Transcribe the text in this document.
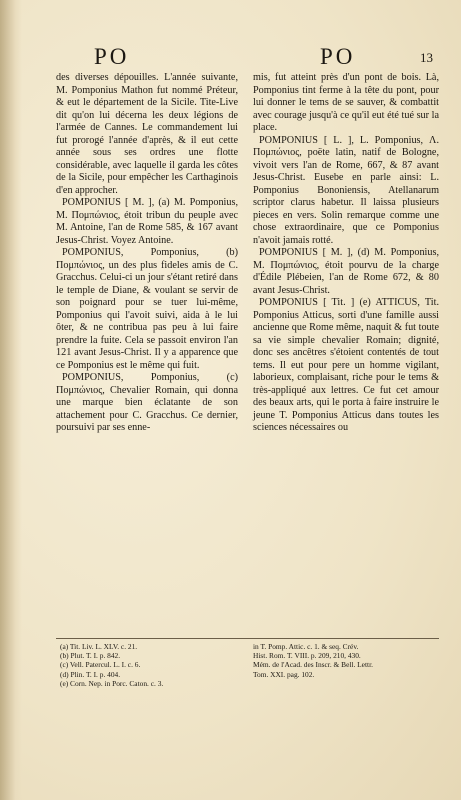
PO	PO	13

des diverses dépouilles. L'année suivante, M. Pomponius Mathon fut nommé Préteur, & eut le département de la Sicile. Tite-Live dit qu'on lui décerna les deux légions de l'armée de Cannes. Le commandement lui fut prorogé l'année d'après, & il eut cette année sous ses ordres une flotte considérable, avec laquelle il garda les côtes de la Sicile, pour empêcher les Carthaginois d'en approcher.

POMPONIUS [ M. ], (a) M. Pomponius, M. Πομπώνιος, étoit tribun du peuple avec M. Antoine, l'an de Rome 585, & 167 avant Jesus-Christ. Voyez Antoine.

POMPONIUS, Pomponius, (b) Πομπώνιος, un des plus fideles amis de C. Gracchus. Celui-ci un jour s'étant retiré dans le temple de Diane, & voulant se servir de son poignard pour se tuer lui-même, Pomponius qui l'avoit suivi, aida à le lui ôter, & ne contribua pas peu à lui faire prendre la fuite. Cela se passoit environ l'an 121 avant Jesus-Christ. Il y a apparence que ce Pomponius est le même qui fuit.

POMPONIUS, Pomponius, (c) Πομπώνιος, Chevalier Romain, qui donna une marque bien éclatante de son attachement pour C. Gracchus. Ce dernier, poursuivi par ses enne-

mis, fut atteint près d'un pont de bois. Là, Pomponius tint ferme à la tête du pont, pour lui donner le tems de se sauver, & combattit avec courage jusqu'à ce qu'il eut été tué sur la place.

POMPONIUS [ L. ], L. Pomponius, Λ. Πομπώνιος, poëte latin, natif de Bologne, vivoit vers l'an de Rome, 667, & 87 avant Jesus-Christ. Eusebe en parle ainsi: L. Pomponius Bononiensis, Atellanarum scriptor clarus habetur. Il laissa plusieurs pieces en vers. Solin remarque comme une chose extraordinaire, que ce Pomponius n'avoit jamais rotté.

POMPONIUS [ M. ], (d) M. Pomponius, M. Πομπώνιος, étoit pourvu de la charge d'Édile Plébeien, l'an de Rome 672, & 80 avant Jesus-Christ.

POMPONIUS [ Tit. ] (e) ATTICUS, Tit. Pomponius Atticus, sorti d'une famille aussi ancienne que Rome même, naquit & fut toute sa vie simple chevalier Romain; dignité, donc ses ancêtres s'étoient contentés de tout tems. Il eut pour pere un homme vigilant, laborieux, complaisant, riche pour le tems & très-appliqué aux lettres. Ce fut cet amour des beaux arts, qui le porta à faire instruire le jeune T. Pomponius Atticus dans toutes les sciences nécessaires ou

(a) Tit. Liv. L. XLV. c. 21.
(b) Plut. T. I. p. 842.
(c) Vell. Patercul. L. I. c. 6.
(d) Plin. T. I. p. 404.
(e) Corn. Nep. in Porc. Caton. c. 3.
in T. Pomp. Attic. c. 1. & seq. Crév.
Hist. Rom. T. VIII. p. 209, 210, 430.
Mém. de l'Acad. des Inscr. & Bell. Lettr.
Tom. XXI. pag. 102.
